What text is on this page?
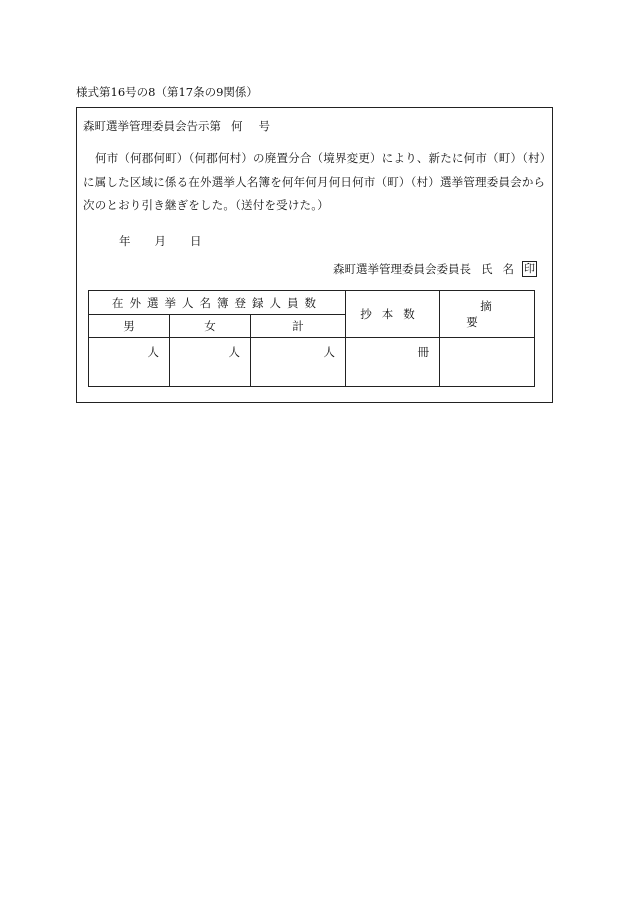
様式第16号の8（第17条の9関係）
森町選挙管理委員会告示第 何 号
何市（何郡何町）（何郡何村）の廃置分合（境界変更）により、新たに何市（町）（村）に属した区域に係る在外選挙人名簿を何年何月何日何市（町）（村）選挙管理委員会から次のとおり引き継ぎをした。（送付を受けた。）
年 月 日
森町選挙管理委員会委員長 氏 名 印
在外選挙人名簿登録人員数			抄本数	摘要
男	女	計		
人	人	人	冊	
